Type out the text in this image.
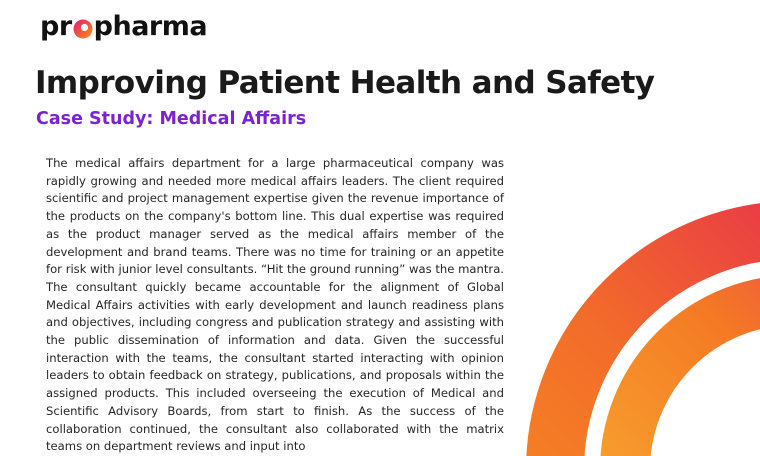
pr pharma
Improving Patient Health and Safety
Case Study: Medical Affairs

The medical affairs department for a large pharmaceutical company was rapidly growing and needed more medical affairs leaders. The client required scientific and project management expertise given the revenue importance of the products on the company's bottom line. This dual expertise was required as the product manager served as the medical affairs member of the development and brand teams. There was no time for training or an appetite for risk with junior level consultants. “Hit the ground running” was the mantra. The consultant quickly became accountable for the alignment of Global Medical Affairs activities with early development and launch readiness plans and objectives, including congress and publication strategy and assisting with the public dissemination of information and data. Given the successful interaction with the teams, the consultant started interacting with opinion leaders to obtain feedback on strategy, publications, and proposals within the assigned products. This included overseeing the execution of Medical and Scientific Advisory Boards, from start to finish. As the success of the collaboration continued, the consultant also collaborated with the matrix teams on department reviews and input into
